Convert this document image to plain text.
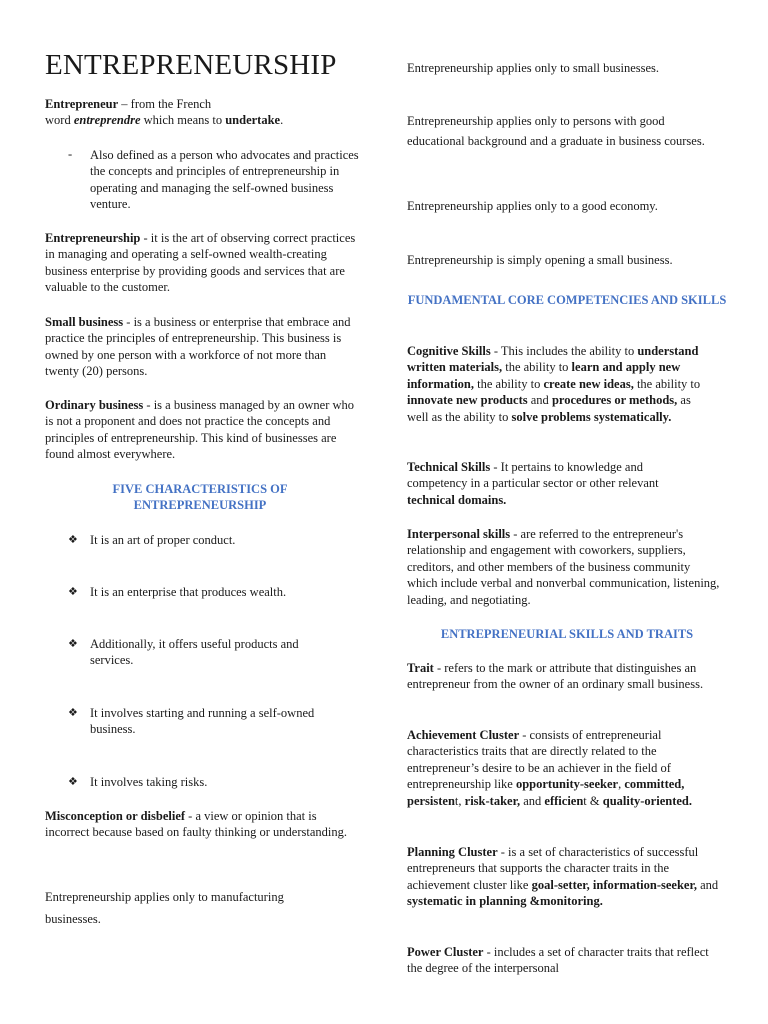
ENTREPRENEURSHIP

Entrepreneur – from the French
word entreprendre which means to undertake.

- Also defined as a person who advocates and practices the concepts and principles of entrepreneurship in operating and managing the self-owned business venture.

Entrepreneurship - it is the art of observing correct practices in managing and operating a self-owned wealth-creating business enterprise by providing goods and services that are valuable to the customer.

Small business - is a business or enterprise that embrace and practice the principles of entrepreneurship. This business is owned by one person with a workforce of not more than twenty (20) persons.

Ordinary business - is a business managed by an owner who is not a proponent and does not practice the concepts and principles of entrepreneurship. This kind of businesses are found almost everywhere.

FIVE CHARACTERISTICS OF ENTREPRENEURSHIP
❖ It is an art of proper conduct.

❖ It is an enterprise that produces wealth.

❖ Additionally, it offers useful products and services.

❖ It involves starting and running a self-owned business.

❖ It involves taking risks.

Misconception or disbelief - a view or opinion that is incorrect because based on faulty thinking or understanding.

Entrepreneurship applies only to manufacturing businesses.

Entrepreneurship applies only to small businesses.

Entrepreneurship applies only to persons with good educational background and a graduate in business courses.

Entrepreneurship applies only to a good economy.

Entrepreneurship is simply opening a small business.

FUNDAMENTAL CORE COMPETENCIES AND SKILLS

Cognitive Skills - This includes the ability to understand written materials, the ability to learn and apply new information, the ability to create new ideas, the ability to innovate new products and procedures or methods, as well as the ability to solve problems systematically.

Technical Skills - It pertains to knowledge and competency in a particular sector or other relevant technical domains.

Interpersonal skills - are referred to the entrepreneur's relationship and engagement with coworkers, suppliers, creditors, and other members of the business community which include verbal and nonverbal communication, listening, leading, and negotiating.

ENTREPRENEURIAL SKILLS AND TRAITS

Trait - refers to the mark or attribute that distinguishes an entrepreneur from the owner of an ordinary small business.

Achievement Cluster - consists of entrepreneurial characteristics traits that are directly related to the entrepreneur’s desire to be an achiever in the field of entrepreneurship like opportunity-seeker, committed, persistent, risk-taker, and efficient & quality-oriented.

Planning Cluster - is a set of characteristics of successful entrepreneurs that supports the character traits in the achievement cluster like goal-setter, information-seeker, and systematic in planning &monitoring.

Power Cluster - includes a set of character traits that reflect the degree of the interpersonal
